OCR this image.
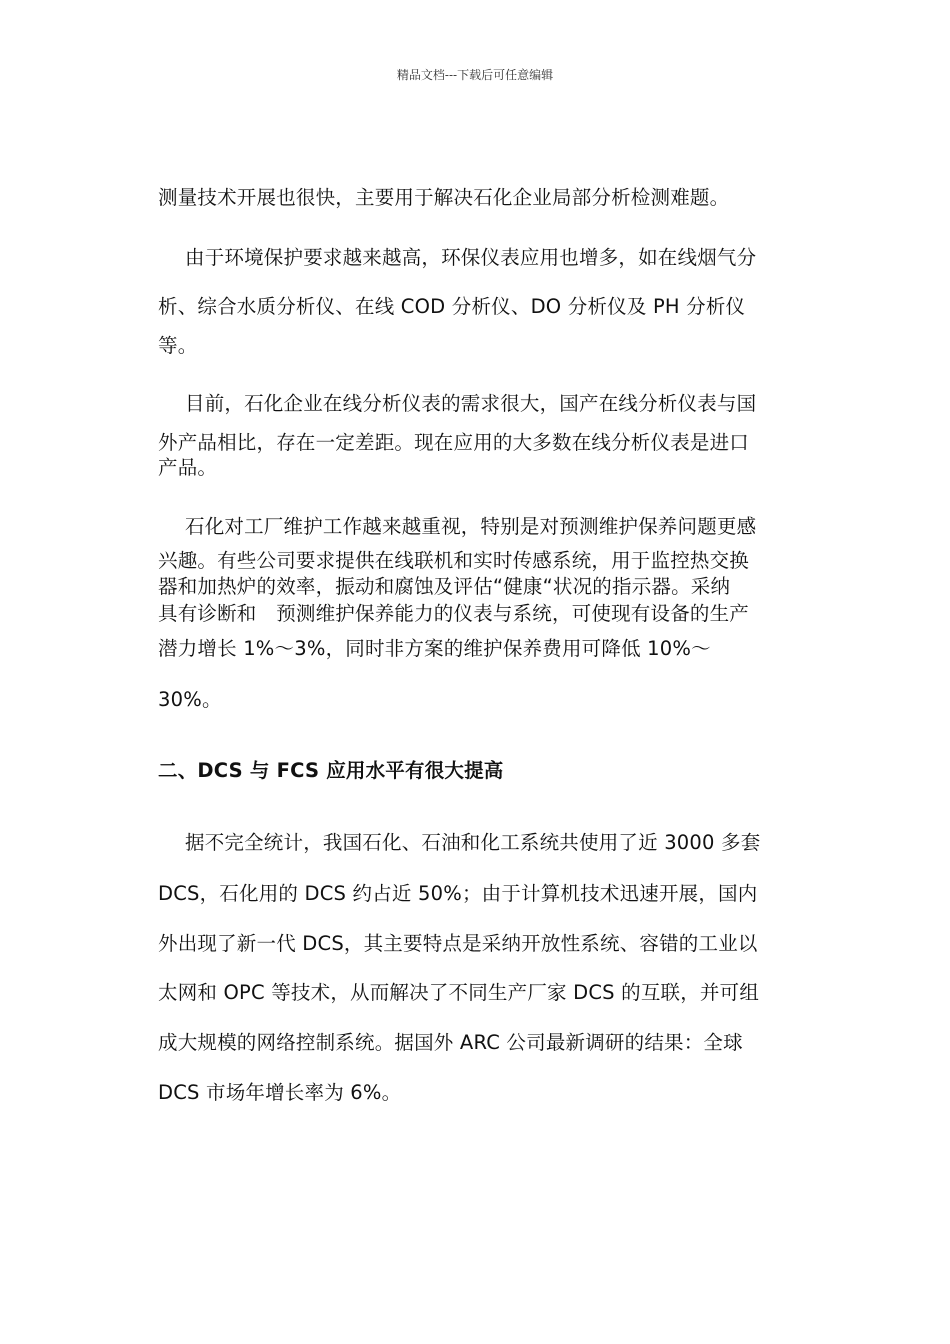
精品文档---下载后可任意编辑
测量技术开展也很快，主要用于解决石化企业局部分析检测难题。
由于环境保护要求越来越高，环保仪表应用也增多，如在线烟气分
析、综合水质分析仪、在线 COD 分析仪、DO 分析仪及 PH 分析仪
等。
目前，石化企业在线分析仪表的需求很大，国产在线分析仪表与国
外产品相比，存在一定差距。现在应用的大多数在线分析仪表是进口
产品。
石化对工厂维护工作越来越重视，特别是对预测维护保养问题更感
兴趣。有些公司要求提供在线联机和实时传感系统，用于监控热交换
器和加热炉的效率，振动和腐蚀及评估“健康“状况的指示器。采纳
具有诊断和　预测维护保养能力的仪表与系统，可使现有设备的生产
潜力增长 1%～3%，同时非方案的维护保养费用可降低 10%～
30%。
二、DCS 与 FCS 应用水平有很大提高
据不完全统计，我国石化、石油和化工系统共使用了近 3000 多套
DCS，石化用的 DCS 约占近 50%；由于计算机技术迅速开展，国内
外出现了新一代 DCS，其主要特点是采纳开放性系统、容错的工业以
太网和 OPC 等技术，从而解决了不同生产厂家 DCS 的互联，并可组
成大规模的网络控制系统。据国外 ARC 公司最新调研的结果：全球
DCS 市场年增长率为 6%。
